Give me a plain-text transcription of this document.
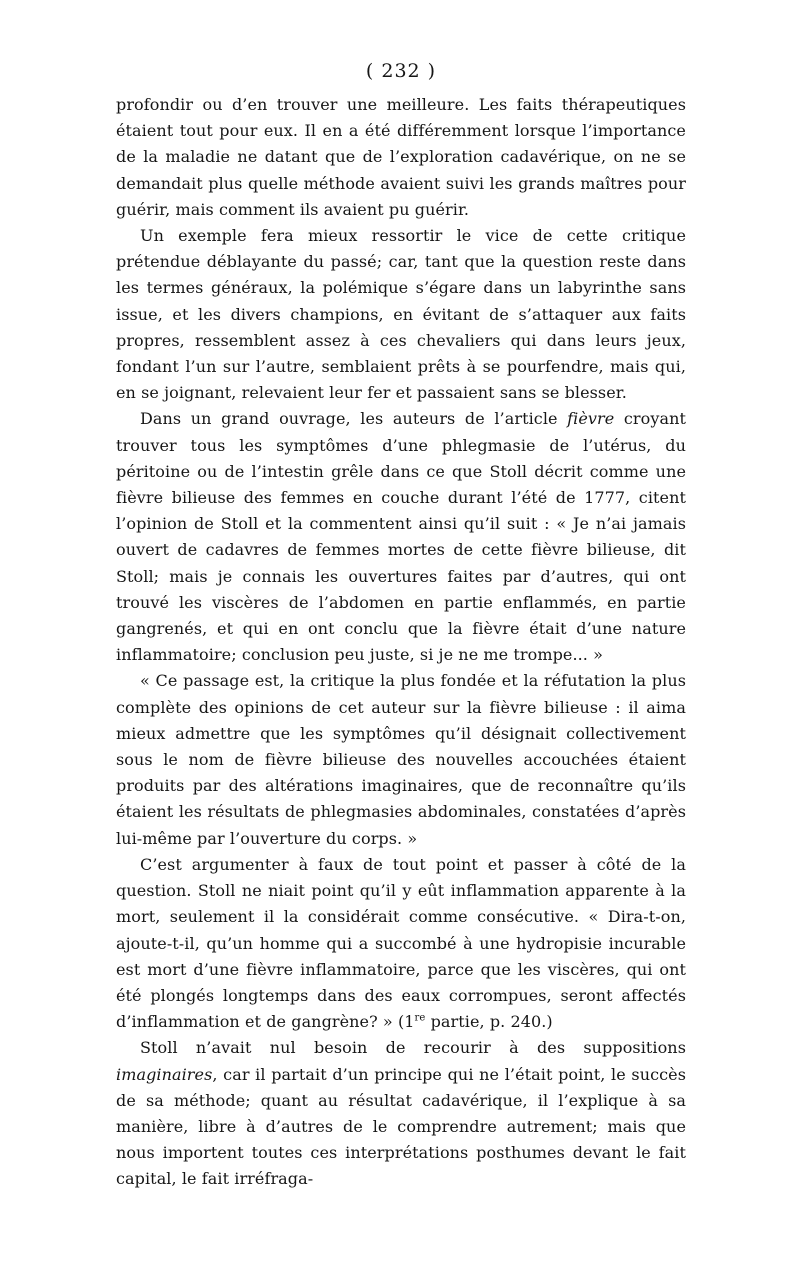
( 232 )

profondir ou d’en trouver une meilleure. Les faits thérapeutiques étaient tout pour eux. Il en a été différemment lorsque l’importance de la maladie ne datant que de l’exploration cadavérique, on ne se demandait plus quelle méthode avaient suivi les grands maîtres pour guérir, mais comment ils avaient pu guérir.

Un exemple fera mieux ressortir le vice de cette critique prétendue déblayante du passé; car, tant que la question reste dans les termes généraux, la polémique s’égare dans un labyrinthe sans issue, et les divers champions, en évitant de s’attaquer aux faits propres, ressemblent assez à ces chevaliers qui dans leurs jeux, fondant l’un sur l’autre, semblaient prêts à se pourfendre, mais qui, en se joignant, relevaient leur fer et passaient sans se blesser.

Dans un grand ouvrage, les auteurs de l’article fièvre croyant trouver tous les symptômes d’une phlegmasie de l’utérus, du péritoine ou de l’intestin grêle dans ce que Stoll décrit comme une fièvre bilieuse des femmes en couche durant l’été de 1777, citent l’opinion de Stoll et la commentent ainsi qu’il suit : « Je n’ai jamais ouvert de cadavres de femmes mortes de cette fièvre bilieuse, dit Stoll; mais je connais les ouvertures faites par d’autres, qui ont trouvé les viscères de l’abdomen en partie enflammés, en partie gangrenés, et qui en ont conclu que la fièvre était d’une nature inflammatoire; conclusion peu juste, si je ne me trompe... »

« Ce passage est, la critique la plus fondée et la réfutation la plus complète des opinions de cet auteur sur la fièvre bilieuse : il aima mieux admettre que les symptômes qu’il désignait collectivement sous le nom de fièvre bilieuse des nouvelles accouchées étaient produits par des altérations imaginaires, que de reconnaître qu’ils étaient les résultats de phlegmasies abdominales, constatées d’après lui-même par l’ouverture du corps. »

C’est argumenter à faux de tout point et passer à côté de la question. Stoll ne niait point qu’il y eût inflammation apparente à la mort, seulement il la considérait comme consécutive. « Dira-t-on, ajoute-t-il, qu’un homme qui a succombé à une hydropisie incurable est mort d’une fièvre inflammatoire, parce que les viscères, qui ont été plongés longtemps dans des eaux corrompues, seront affectés d’inflammation et de gangrène? » (1re partie, p. 240.)

Stoll n’avait nul besoin de recourir à des suppositions imaginaires, car il partait d’un principe qui ne l’était point, le succès de sa méthode; quant au résultat cadavérique, il l’explique à sa manière, libre à d’autres de le comprendre autrement; mais que nous importent toutes ces interprétations posthumes devant le fait capital, le fait irréfraga-
